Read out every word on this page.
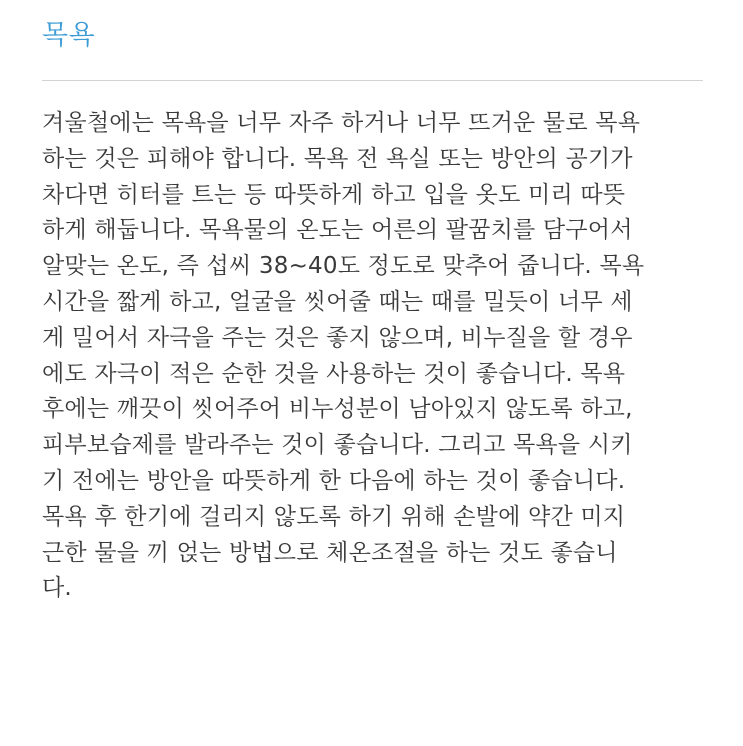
목욕
겨울철에는 목욕을 너무 자주 하거나 너무 뜨거운 물로 목욕
하는 것은 피해야 합니다. 목욕 전 욕실 또는 방안의 공기가
차다면 히터를 트는 등 따뜻하게 하고 입을 옷도 미리 따뜻
하게 해둡니다. 목욕물의 온도는 어른의 팔꿈치를 담구어서
알맞는 온도, 즉 섭씨 38~40도 정도로 맞추어 줍니다. 목욕
시간을 짧게 하고, 얼굴을 씻어줄 때는 때를 밀듯이 너무 세
게 밀어서 자극을 주는 것은 좋지 않으며, 비누질을 할 경우
에도 자극이 적은 순한 것을 사용하는 것이 좋습니다. 목욕
후에는 깨끗이 씻어주어 비누성분이 남아있지 않도록 하고,
피부보습제를 발라주는 것이 좋습니다. 그리고 목욕을 시키
기 전에는 방안을 따뜻하게 한 다음에 하는 것이 좋습니다.
목욕 후 한기에 걸리지 않도록 하기 위해 손발에 약간 미지
근한 물을 끼 얹는 방법으로 체온조절을 하는 것도 좋습니
다.
